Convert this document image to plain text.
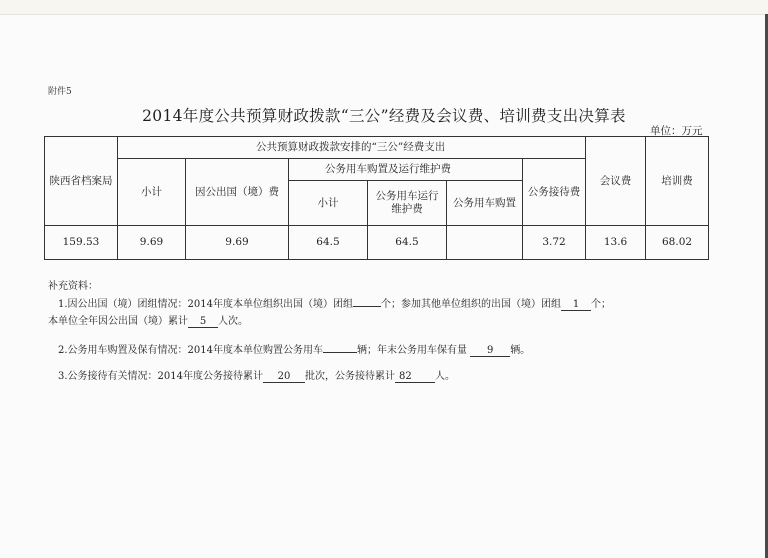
附件5
2014年度公共预算财政拨款“三公”经费及会议费、培训费支出决算表
单位：万元
陕西省档案局	公共预算财政拨款安排的“三公”经费支出						会议费	培训费
	小计	因公出国（境）费	公务用车购置及运行维护费			公务接待费		
			小计	公务用车运行维护费	公务用车购置			
159.53	9.69	9.69	64.5	64.5		3.72	13.6	68.02
补充资料：
1.因公出国（境）团组情况：2014年度本单位组织出国（境）团组	个；参加其他单位组织的出国（境）团组 1 个；
本单位全年因公出国（境）累计 5 人次。
2.公务用车购置及保有情况：2014年度本单位购置公务用车	辆；年末公务用车保有量 9 辆。
3.公务接待有关情况：2014年度公务接待累计 20 批次，公务接待累计 82 人。
